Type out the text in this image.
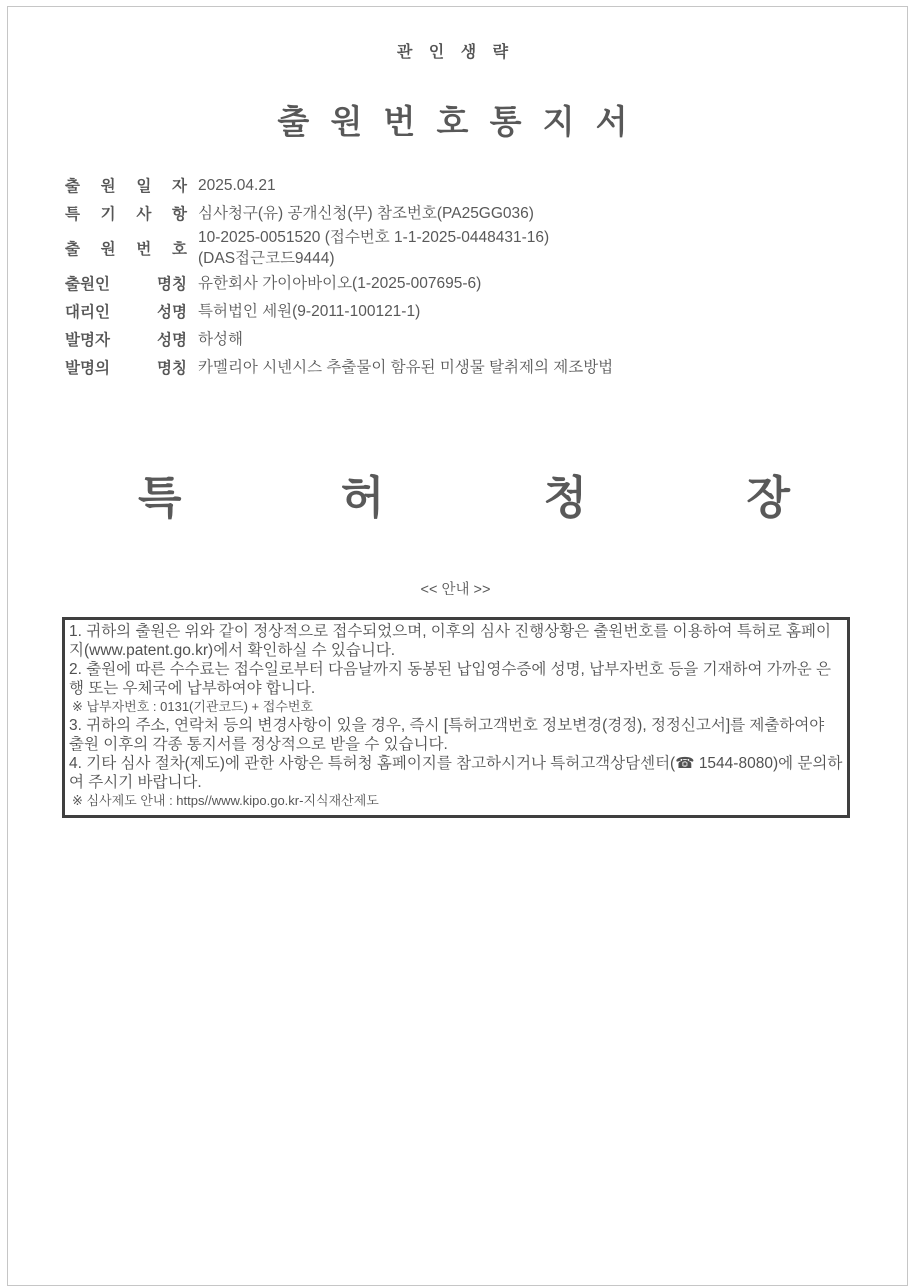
관 인 생 략
출 원 번 호 통 지 서
출 원 일 자 2025.04.21
특 기 사 항 심사청구(유) 공개신청(무) 참조번호(PA25GG036)
출 원 번 호
10-2025-0051520 (접수번호 1-1-2025-0448431-16)
(DAS접근코드9444)
출원인 명칭 유한회사 가이아바이오(1-2025-007695-6)
대리인 성명 특허법인 세원(9-2011-100121-1)
발명자 성명 하성해
발명의 명칭 카멜리아 시넨시스 추출물이 함유된 미생물 탈취제의 제조방법
특	허	청	장
<< 안내 >>

1. 귀하의 출원은 위와 같이 정상적으로 접수되었으며, 이후의 심사 진행상황은 출원번호를 이용하여 특허로 홈페이지(www.patent.go.kr)에서 확인하실 수 있습니다.

2. 출원에 따른 수수료는 접수일로부터 다음날까지 동봉된 납입영수증에 성명, 납부자번호 등을 기재하여 가까운 은행 또는 우체국에 납부하여야 합니다.

※ 납부자번호 : 0131(기관코드) + 접수번호

3. 귀하의 주소, 연락처 등의 변경사항이 있을 경우, 즉시 [특허고객번호 정보변경(경정), 정정신고서]를 제출하여야 출원 이후의 각종 통지서를 정상적으로 받을 수 있습니다.

4. 기타 심사 절차(제도)에 관한 사항은 특허청 홈페이지를 참고하시거나 특허고객상담센터(☎ 1544-8080)에 문의하여 주시기 바랍니다.

※ 심사제도 안내 : https//www.kipo.go.kr-지식재산제도
